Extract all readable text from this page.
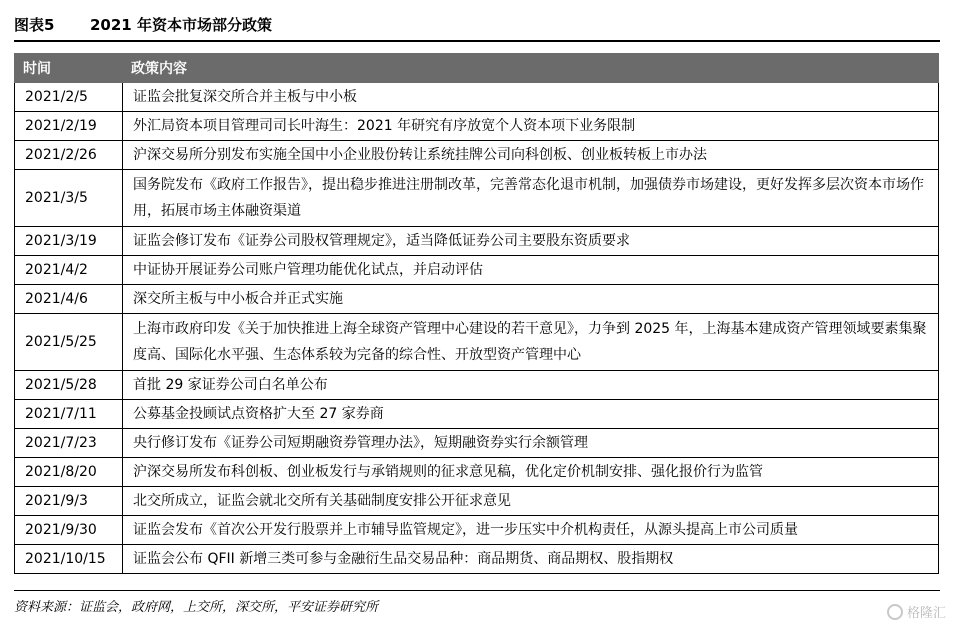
图表5 2021 年资本市场部分政策
时间	政策内容
2021/2/5	证监会批复深交所合并主板与中小板
2021/2/19	外汇局资本项目管理司司长叶海生：2021 年研究有序放宽个人资本项下业务限制
2021/2/26	沪深交易所分别发布实施全国中小企业股份转让系统挂牌公司向科创板、创业板转板上市办法
2021/3/5	国务院发布《政府工作报告》，提出稳步推进注册制改革，完善常态化退市机制，加强债券市场建设，更好发挥多层次资本市场作用，拓展市场主体融资渠道
2021/3/19	证监会修订发布《证券公司股权管理规定》，适当降低证券公司主要股东资质要求
2021/4/2	中证协开展证券公司账户管理功能优化试点，并启动评估
2021/4/6	深交所主板与中小板合并正式实施
2021/5/25	上海市政府印发《关于加快推进上海全球资产管理中心建设的若干意见》，力争到 2025 年，上海基本建成资产管理领域要素集聚度高、国际化水平强、生态体系较为完备的综合性、开放型资产管理中心
2021/5/28	首批 29 家证券公司白名单公布
2021/7/11	公募基金投顾试点资格扩大至 27 家券商
2021/7/23	央行修订发布《证券公司短期融资券管理办法》，短期融资券实行余额管理
2021/8/20	沪深交易所发布科创板、创业板发行与承销规则的征求意见稿，优化定价机制安排、强化报价行为监管
2021/9/3	北交所成立，证监会就北交所有关基础制度安排公开征求意见
2021/9/30	证监会发布《首次公开发行股票并上市辅导监管规定》，进一步压实中介机构责任，从源头提高上市公司质量
2021/10/15	证监会公布 QFII 新增三类可参与金融衍生品交易品种：商品期货、商品期权、股指期权
资料来源：证监会，政府网，上交所，深交所，平安证券研究所	格隆汇
